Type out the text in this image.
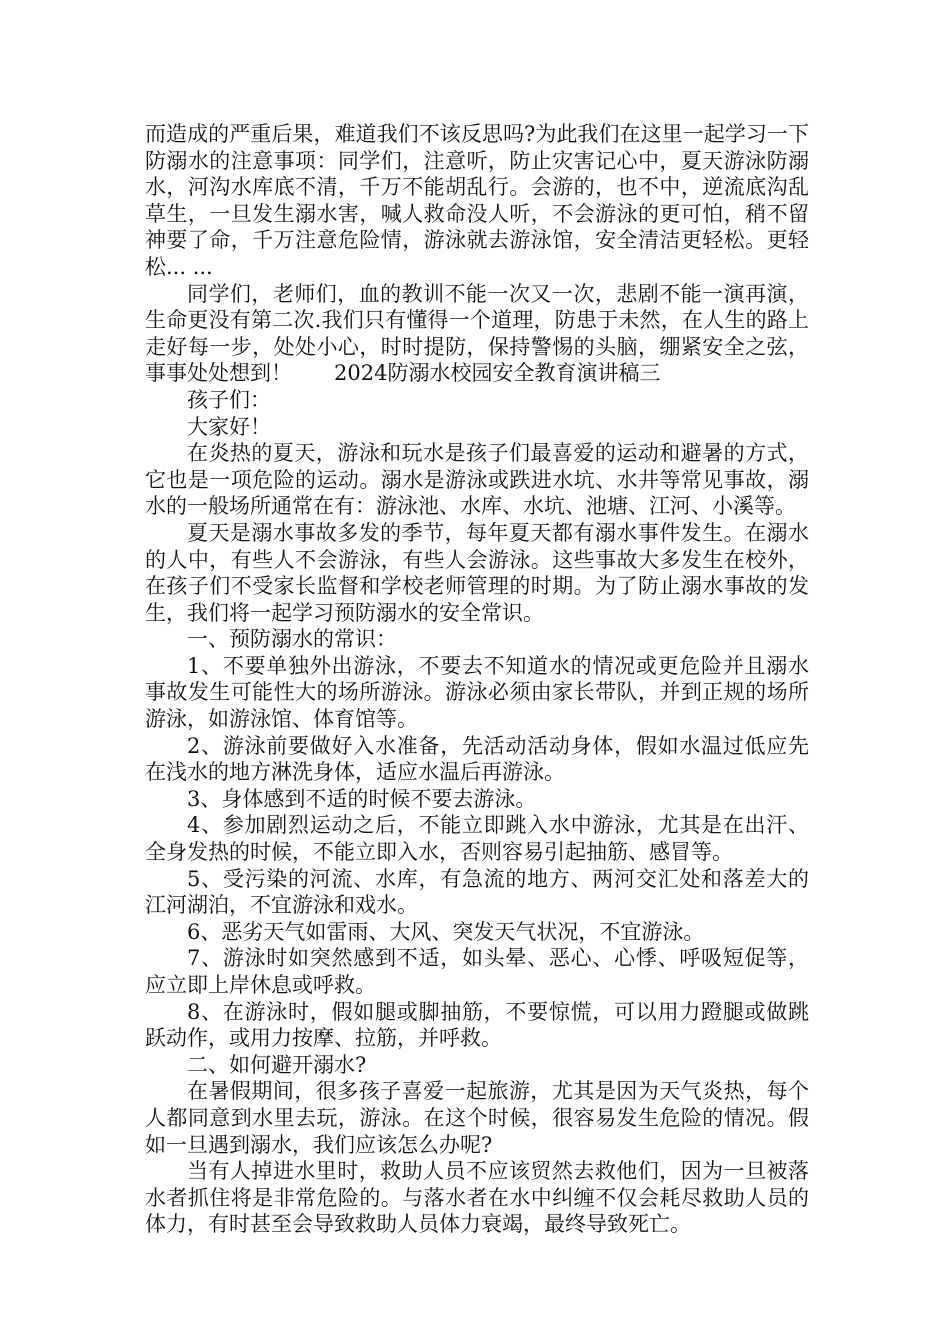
而造成的严重后果，难道我们不该反思吗?为此我们在这里一起学习一下防溺水的注意事项：同学们，注意听，防止灾害记心中，夏天游泳防溺水，河沟水库底不清，千万不能胡乱行。会游的，也不中，逆流底沟乱草生，一旦发生溺水害，喊人救命没人听，不会游泳的更可怕，稍不留神要了命，千万注意危险情，游泳就去游泳馆，安全清洁更轻松。更轻松... ...

同学们，老师们，血的教训不能一次又一次，悲剧不能一演再演，生命更没有第二次.我们只有懂得一个道理，防患于未然，在人生的路上走好每一步，处处小心，时时提防，保持警惕的头脑，绷紧安全之弦，事事处处想到！　　2024防溺水校园安全教育演讲稿三

孩子们：

大家好！

在炎热的夏天，游泳和玩水是孩子们最喜爱的运动和避暑的方式，它也是一项危险的运动。溺水是游泳或跌进水坑、水井等常见事故，溺水的一般场所通常在有：游泳池、水库、水坑、池塘、江河、小溪等。

夏天是溺水事故多发的季节，每年夏天都有溺水事件发生。在溺水的人中，有些人不会游泳，有些人会游泳。这些事故大多发生在校外，在孩子们不受家长监督和学校老师管理的时期。为了防止溺水事故的发生，我们将一起学习预防溺水的安全常识。

一、预防溺水的常识：

1、不要单独外出游泳，不要去不知道水的情况或更危险并且溺水事故发生可能性大的场所游泳。游泳必须由家长带队，并到正规的场所游泳，如游泳馆、体育馆等。

2、游泳前要做好入水准备，先活动活动身体，假如水温过低应先在浅水的地方淋洗身体，适应水温后再游泳。

3、身体感到不适的时候不要去游泳。

4、参加剧烈运动之后，不能立即跳入水中游泳，尤其是在出汗、全身发热的时候，不能立即入水，否则容易引起抽筋、感冒等。

5、受污染的河流、水库，有急流的地方、两河交汇处和落差大的江河湖泊，不宜游泳和戏水。

6、恶劣天气如雷雨、大风、突发天气状况，不宜游泳。

7、游泳时如突然感到不适，如头晕、恶心、心悸、呼吸短促等，应立即上岸休息或呼救。

8、在游泳时，假如腿或脚抽筋，不要惊慌，可以用力蹬腿或做跳跃动作，或用力按摩、拉筋，并呼救。

二、如何避开溺水?

在暑假期间，很多孩子喜爱一起旅游，尤其是因为天气炎热，每个人都同意到水里去玩，游泳。在这个时候，很容易发生危险的情况。假如一旦遇到溺水，我们应该怎么办呢?

当有人掉进水里时，救助人员不应该贸然去救他们，因为一旦被落水者抓住将是非常危险的。与落水者在水中纠缠不仅会耗尽救助人员的体力，有时甚至会导致救助人员体力衰竭，最终导致死亡。
